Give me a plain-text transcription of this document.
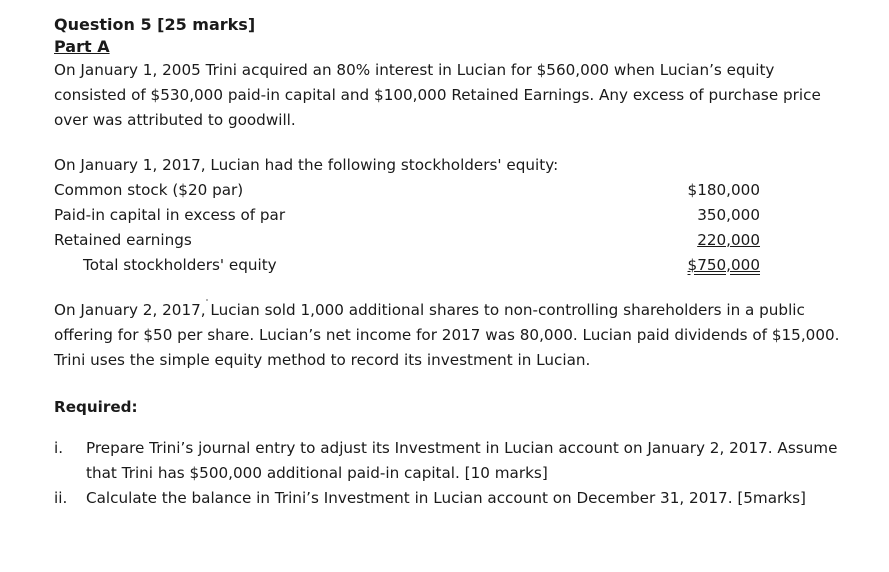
Question 5 [25 marks]
Part A

On January 1, 2005 Trini acquired an 80% interest in Lucian for $560,000 when Lucian’s equity consisted of $530,000 paid-in capital and $100,000 Retained Earnings. Any excess of purchase price over was attributed to goodwill.

On January 1, 2017, Lucian had the following stockholders' equity:

Common stock ($20 par)	$180,000
Paid-in capital in excess of par	350,000
Retained earnings	220,000
Total stockholders' equity	$750,000

On January 2, 2017, Lucian sold 1,000 additional shares to non-controlling shareholders in a public offering for $50 per share. Lucian’s net income for 2017 was 80,000. Lucian paid dividends of $15,000. Trini uses the simple equity method to record its investment in Lucian.

Required:
i. Prepare Trini’s journal entry to adjust its Investment in Lucian account on January 2, 2017. Assume that Trini has $500,000 additional paid-in capital. [10 marks]
ii. Calculate the balance in Trini’s Investment in Lucian account on December 31, 2017. [5marks]
